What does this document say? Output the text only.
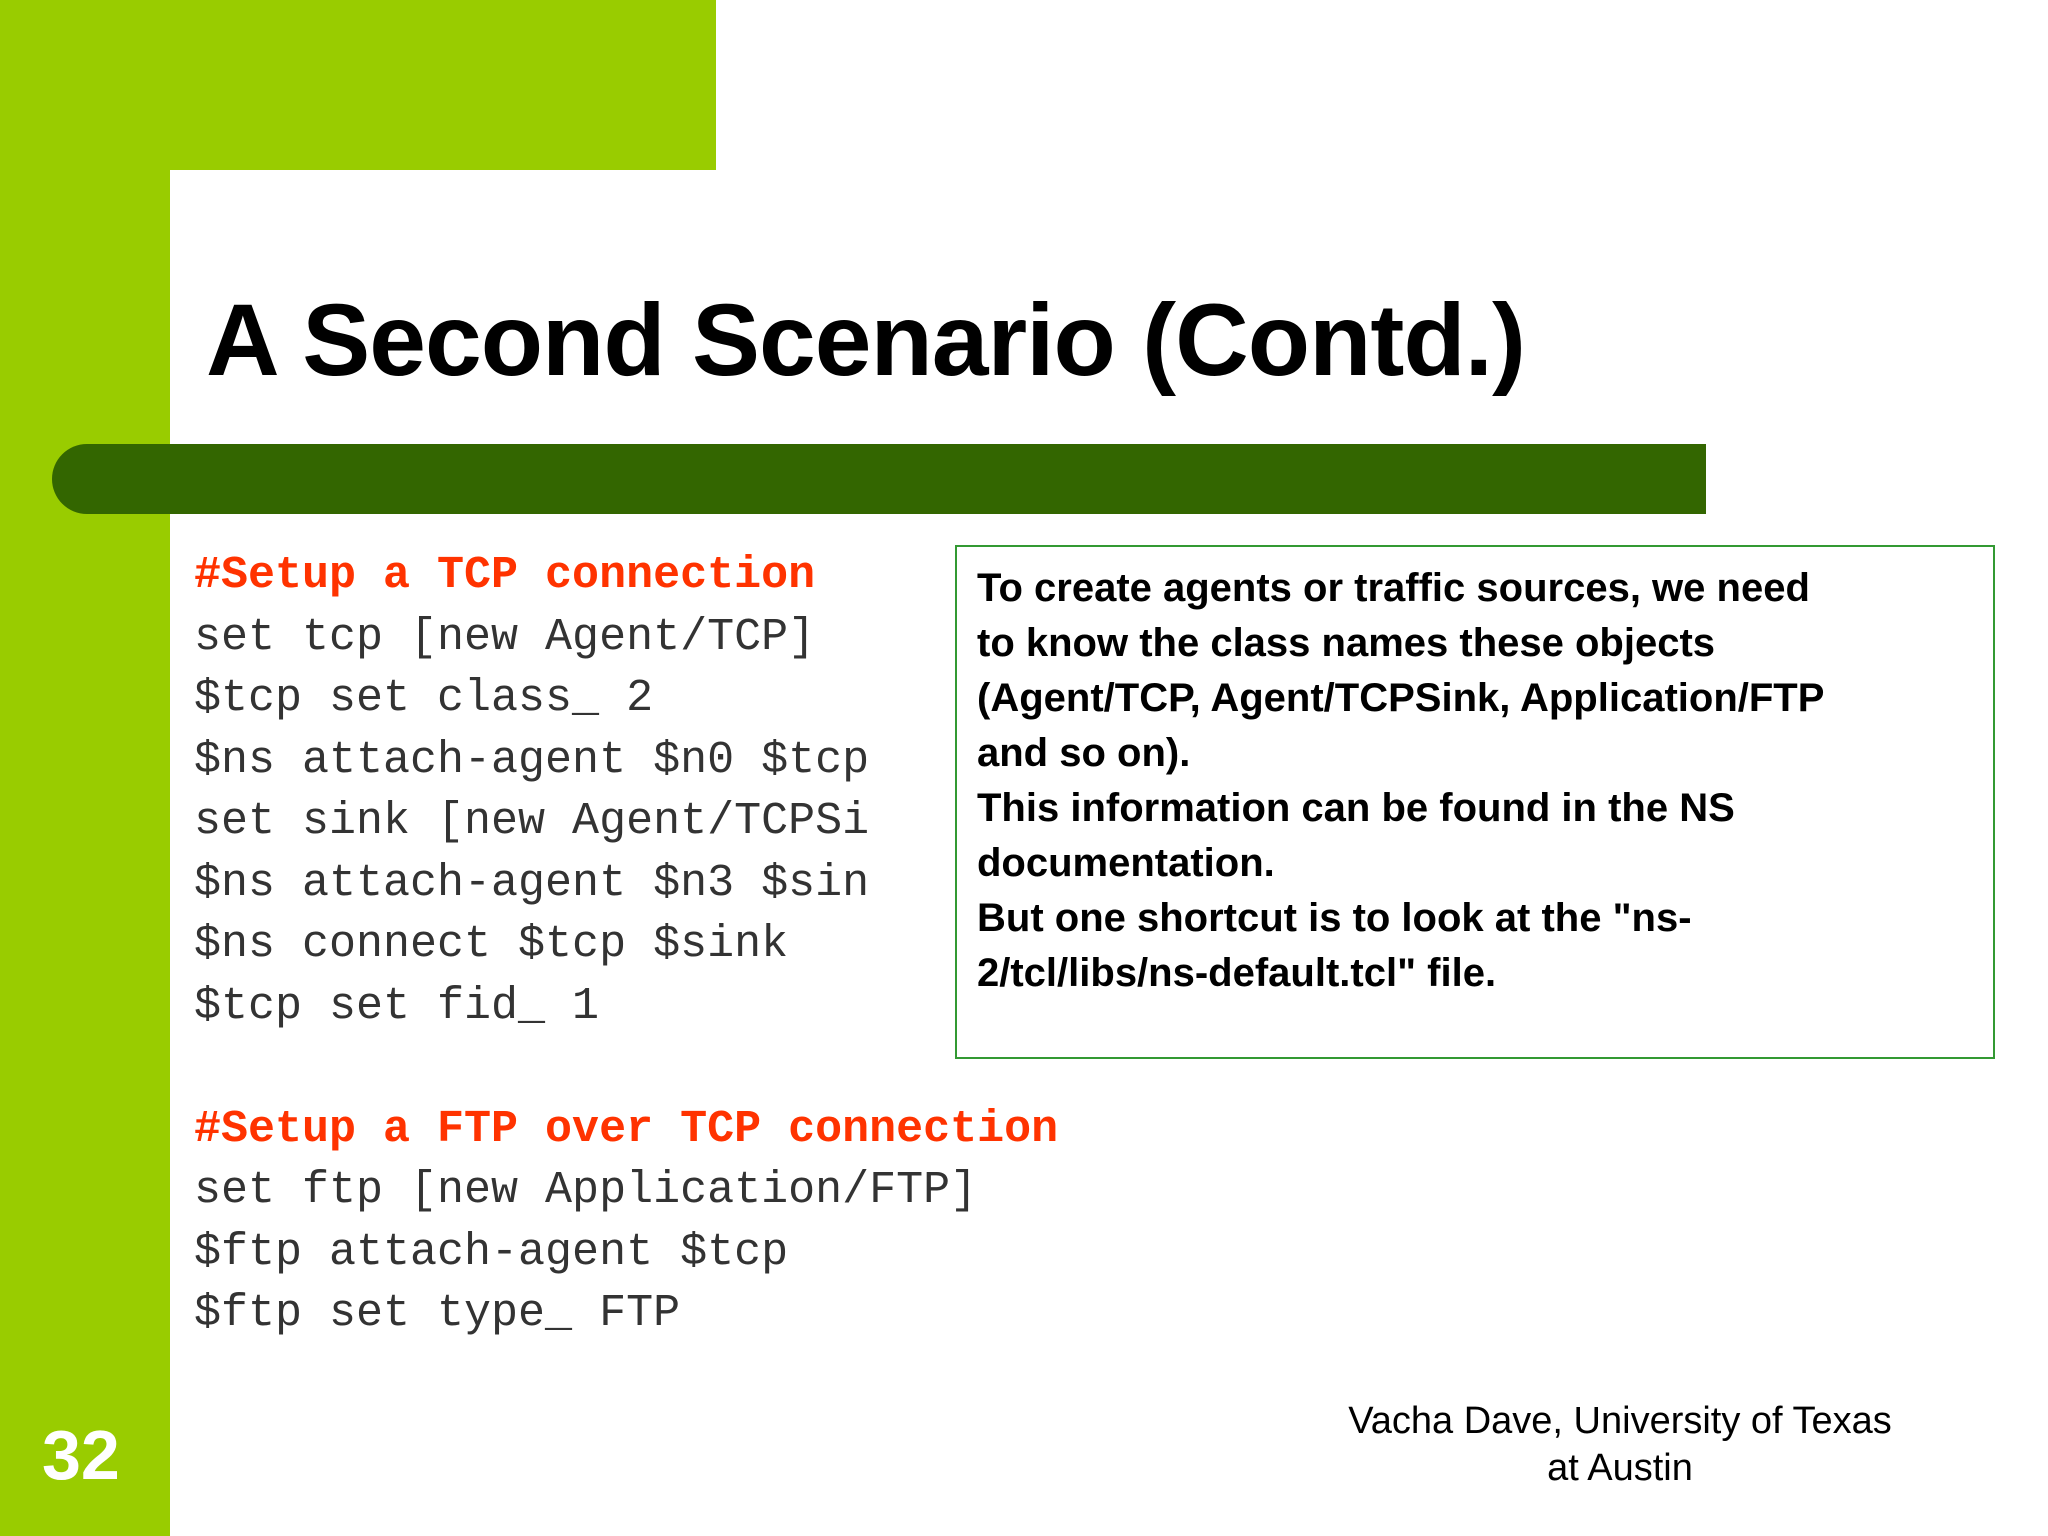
A Second Scenario (Contd.)
#Setup a TCP connection
set tcp [new Agent/TCP]
$tcp set class_ 2
$ns attach-agent $n0 $tcp
set sink [new Agent/TCPSi
$ns attach-agent $n3 $sin
$ns connect $tcp $sink
$tcp set fid_ 1
#Setup a FTP over TCP connection
set ftp [new Application/FTP]
$ftp attach-agent $tcp
$ftp set type_ FTP
To create agents or traffic sources, we need
to know the class names these objects
(Agent/TCP, Agent/TCPSink, Application/FTP
and so on).
This information can be found in the NS
documentation.
But one shortcut is to look at the "ns-
2/tcl/libs/ns-default.tcl" file.
32	Vacha Dave, University of Texas
at Austin
